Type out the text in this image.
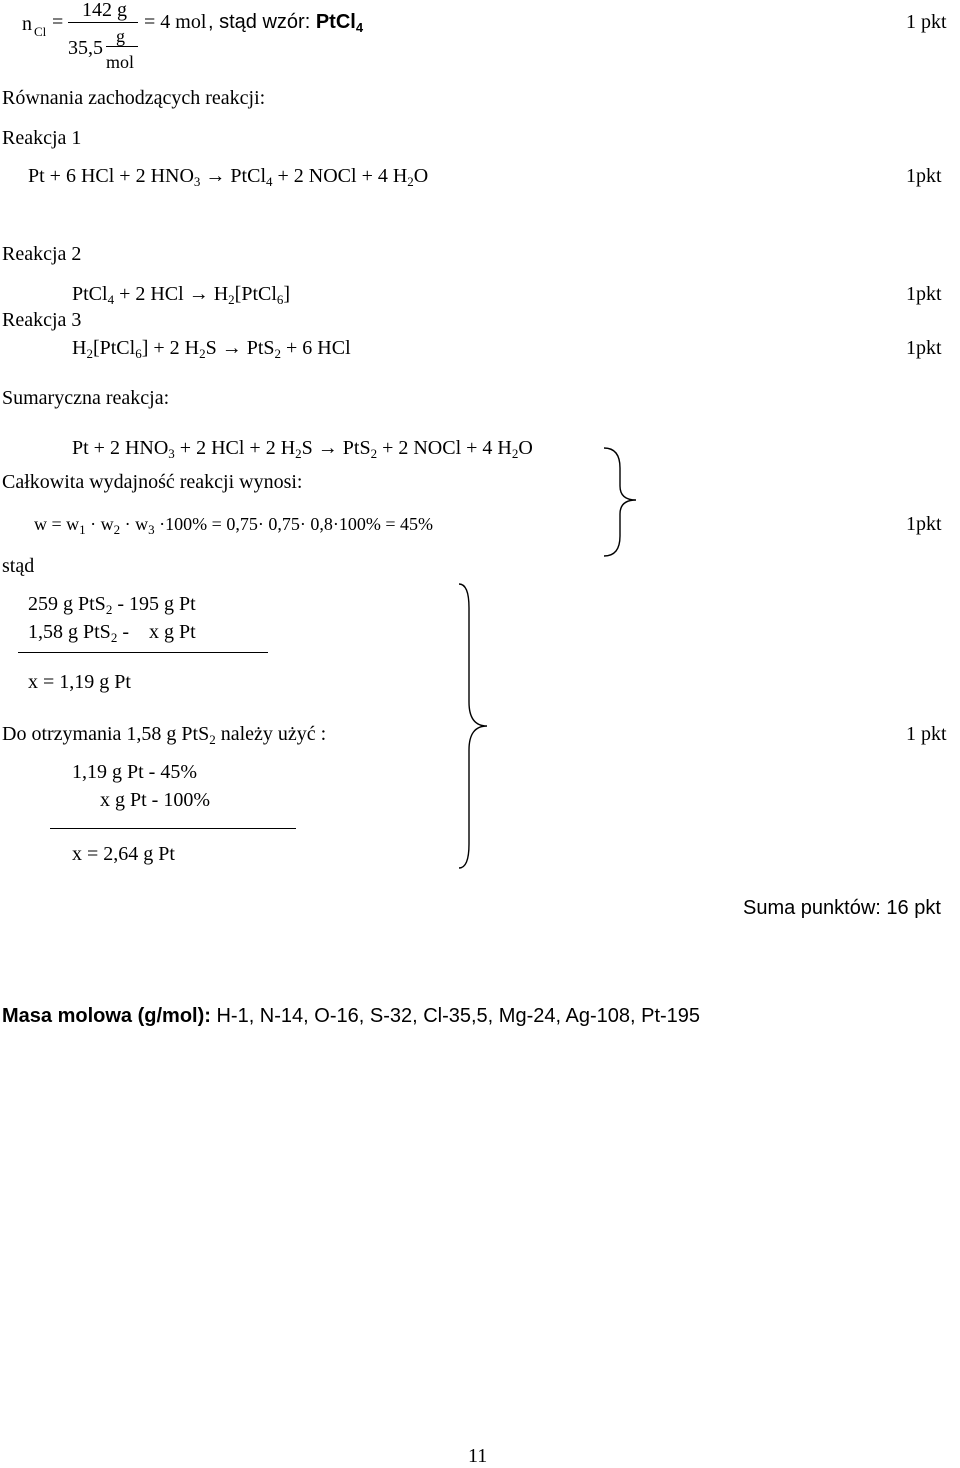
n Cl =
142 g
35,5
g
mol
= 4 mol , stąd wzór: PtCl$_4$	1 pkt
Równania zachodzących reakcji:
Reakcja 1
Pt + 6 HCl + 2 $HNO_3$ → PtCl$_4$ + 2 NOCl + 4 $H_2O$	1pkt
Reakcja 2
PtCl$_4$ + 2 HCl → $H_2[PtCl_6]$	1pkt
Reakcja 3
$H_2[PtCl_6] + 2$ $H_2S \to PtS_2 + 6$ HCl	1pkt
Sumaryczna reakcja:
Pt + 2 $HNO_3 + 2$ HCl + 2 $H_2S \to PtS_2 + 2$ NOCl + 4 $H_2O$
Całkowita wydajność reakcji wynosi:
$w = w_1 \cdot w_2 \cdot w_3 \cdot 100\% = 0,75\cdot 0,75\cdot 0,8\cdot 100\% = 45\%$	1pkt
stąd
259 g PtS$_2$ - 195 g Pt
1,58 g PtS$_2$ - x g Pt
x = 1,19 g Pt
Do otrzymania 1,58 g PtS$_2$ należy użyć :	1 pkt
1,19 g Pt - 45%
x g Pt - 100%
x = 2,64 g Pt
Suma punktów: 16 pkt
Masa molowa (g/mol): H-1, N-14, O-16, S-32, Cl-35,5, Mg-24, Ag-108, Pt-195
11
